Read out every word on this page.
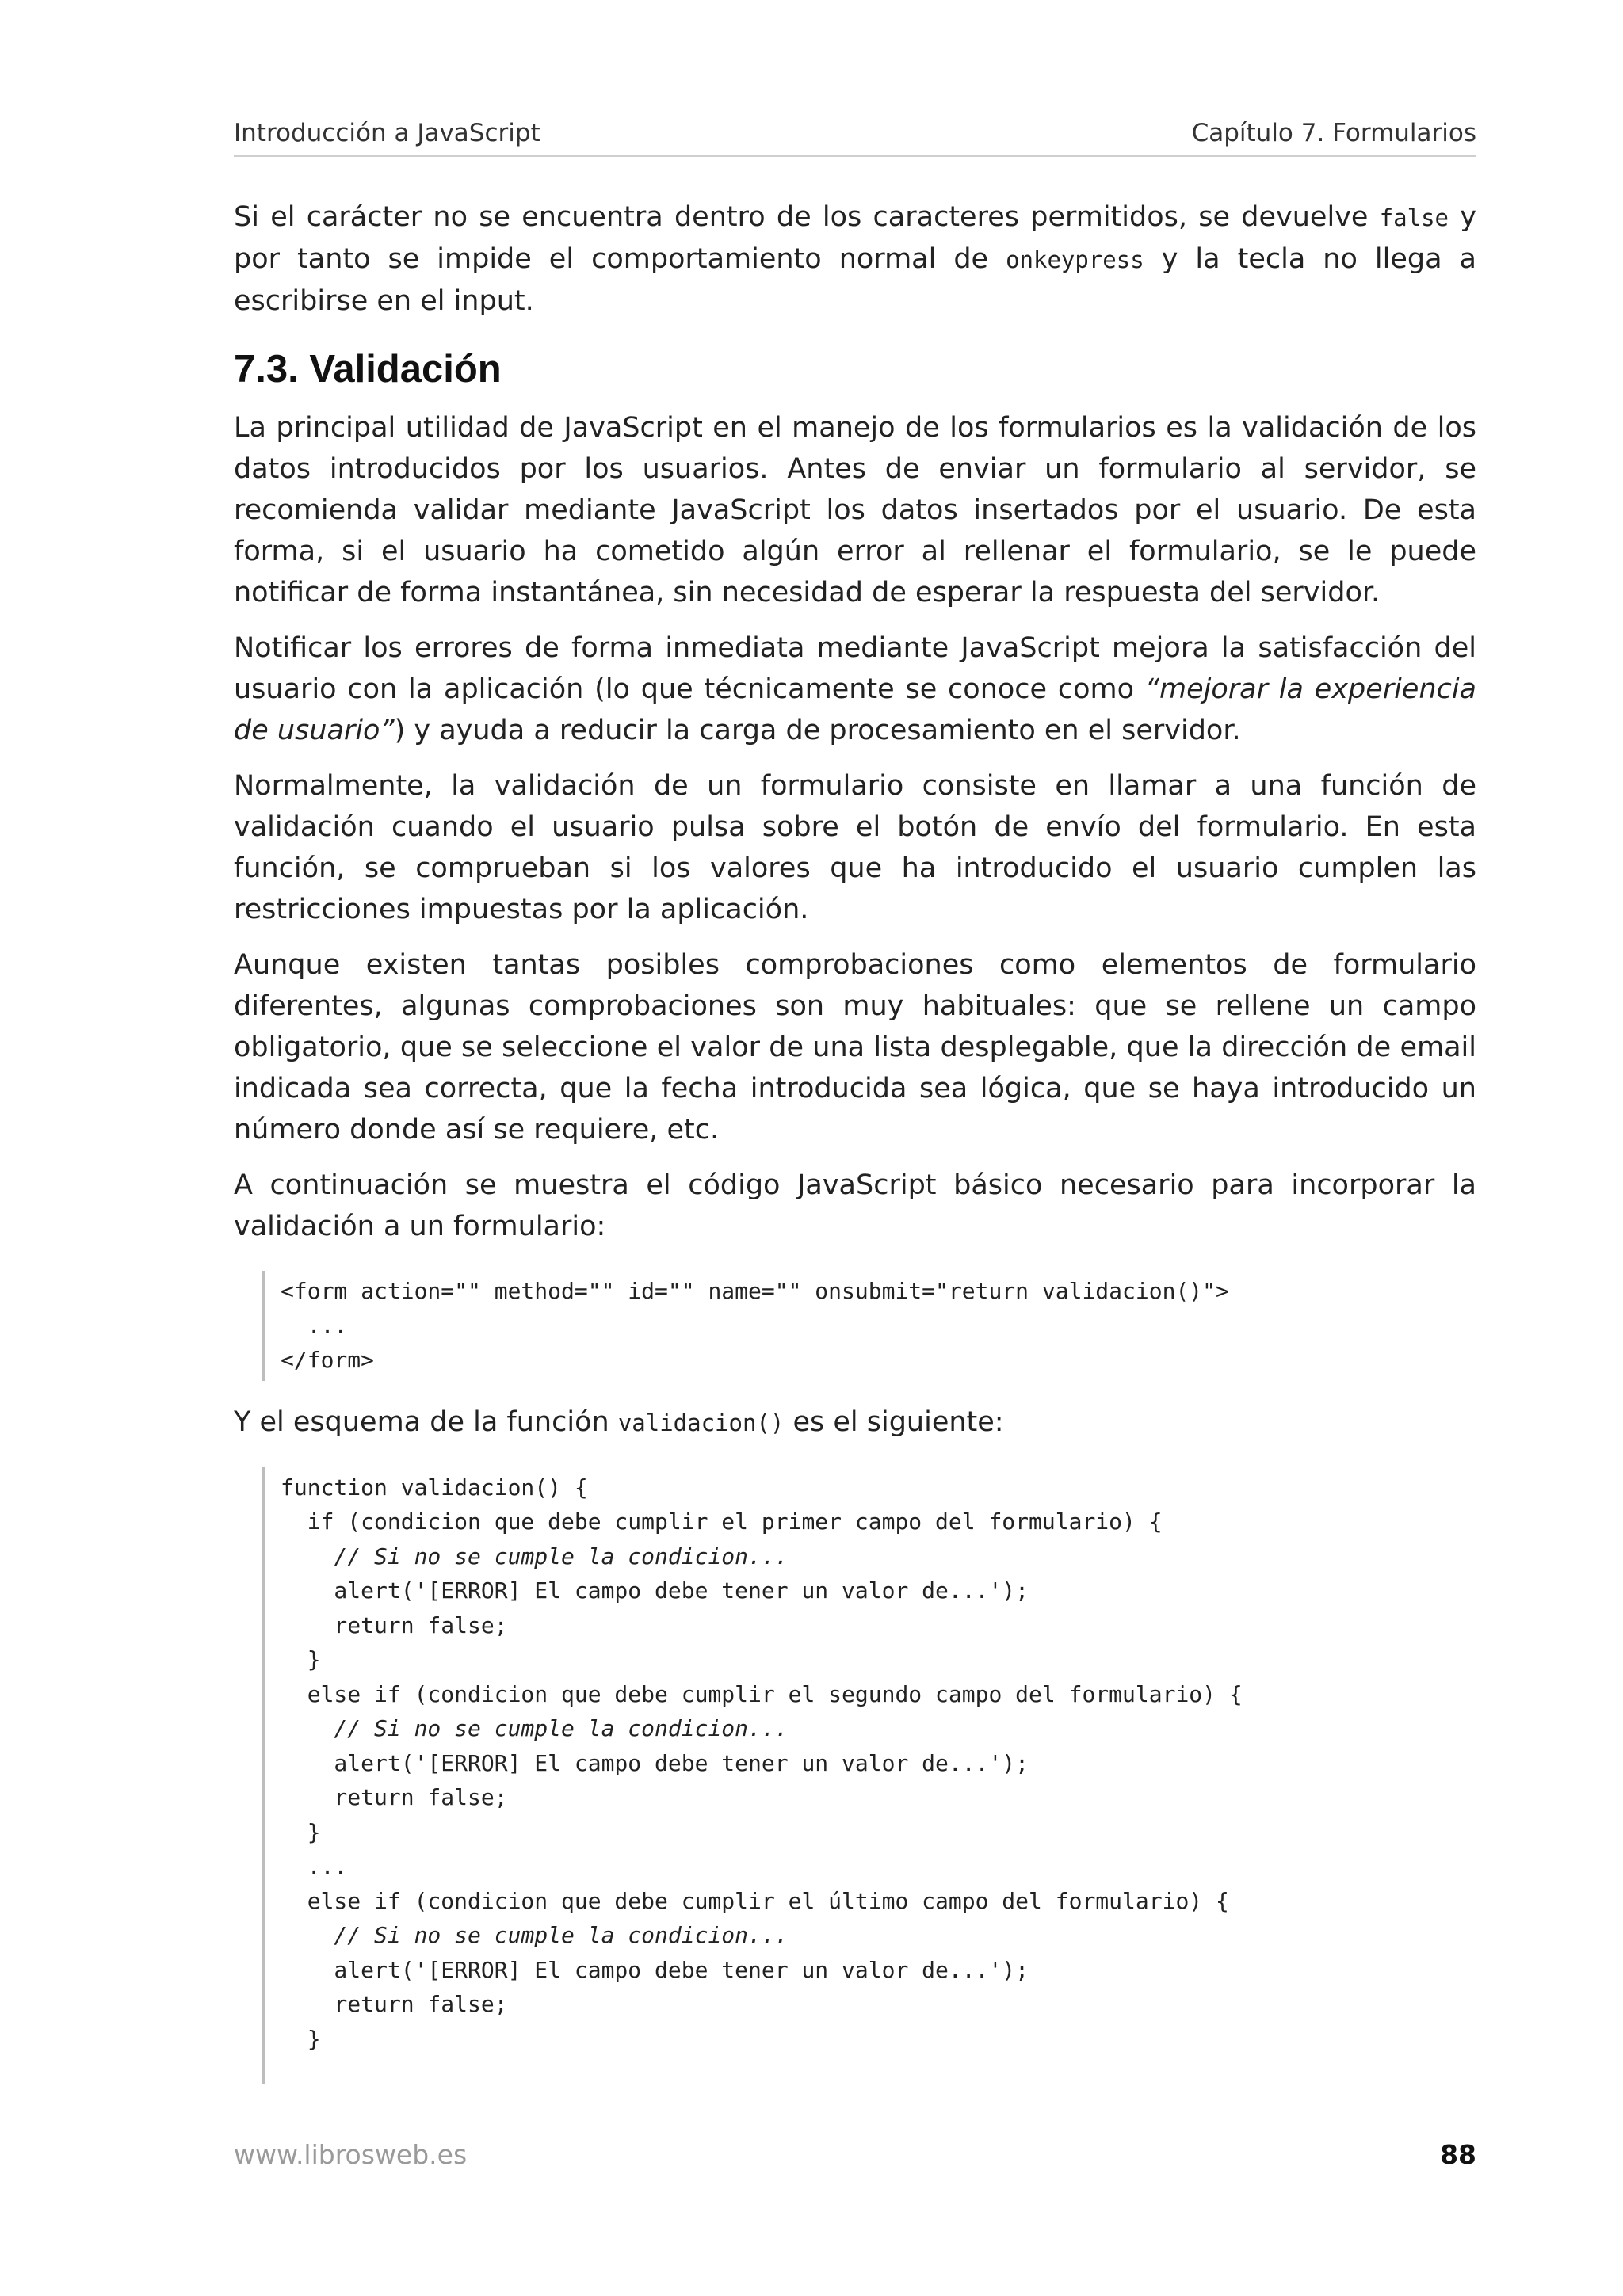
Introducción a JavaScript	Capítulo 7. Formularios

Si el carácter no se encuentra dentro de los caracteres permitidos, se devuelve false y por tanto se impide el comportamiento normal de onkeypress y la tecla no llega a escribirse en el input.

7.3. Validación

La principal utilidad de JavaScript en el manejo de los formularios es la validación de los datos introducidos por los usuarios. Antes de enviar un formulario al servidor, se recomienda validar mediante JavaScript los datos insertados por el usuario. De esta forma, si el usuario ha cometido algún error al rellenar el formulario, se le puede notificar de forma instantánea, sin necesidad de esperar la respuesta del servidor.

Notificar los errores de forma inmediata mediante JavaScript mejora la satisfacción del usuario con la aplicación (lo que técnicamente se conoce como “mejorar la experiencia de usuario”) y ayuda a reducir la carga de procesamiento en el servidor.

Normalmente, la validación de un formulario consiste en llamar a una función de validación cuando el usuario pulsa sobre el botón de envío del formulario. En esta función, se comprueban si los valores que ha introducido el usuario cumplen las restricciones impuestas por la aplicación.

Aunque existen tantas posibles comprobaciones como elementos de formulario diferentes, algunas comprobaciones son muy habituales: que se rellene un campo obligatorio, que se seleccione el valor de una lista desplegable, que la dirección de email indicada sea correcta, que la fecha introducida sea lógica, que se haya introducido un número donde así se requiere, etc.

A continuación se muestra el código JavaScript básico necesario para incorporar la validación a un formulario:

<form action="" method="" id="" name="" onsubmit="return validacion()">
...
</form>

Y el esquema de la función validacion() es el siguiente:

function validacion() {
if (condicion que debe cumplir el primer campo del formulario) {
// Si no se cumple la condicion...
alert('[ERROR] El campo debe tener un valor de...');
return false;
}
else if (condicion que debe cumplir el segundo campo del formulario) {
// Si no se cumple la condicion...
alert('[ERROR] El campo debe tener un valor de...');
return false;
}
...
else if (condicion que debe cumplir el último campo del formulario) {
// Si no se cumple la condicion...
alert('[ERROR] El campo debe tener un valor de...');
return false;
}
www.librosweb.es	88
